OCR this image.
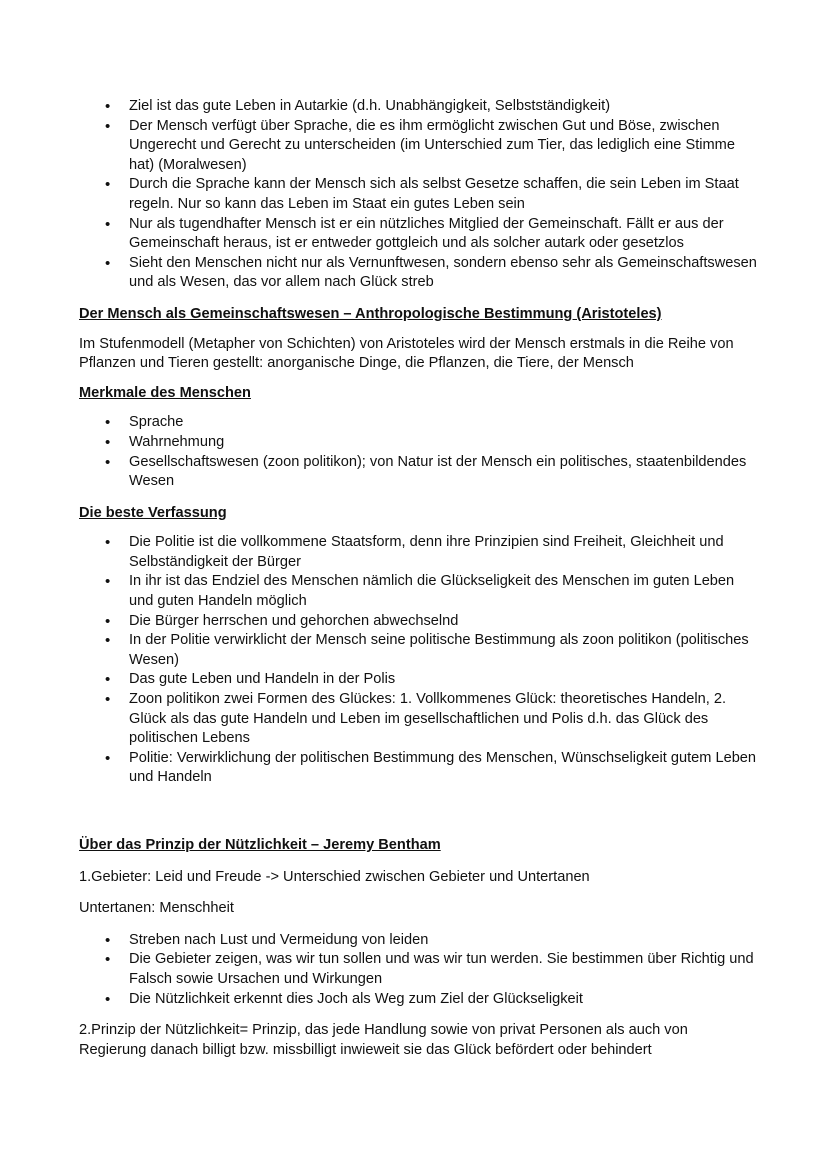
• Ziel ist das gute Leben in Autarkie (d.h. Unabhängigkeit, Selbstständigkeit)
• Der Mensch verfügt über Sprache, die es ihm ermöglicht zwischen Gut und Böse, zwischen Ungerecht und Gerecht zu unterscheiden (im Unterschied zum Tier, das lediglich eine Stimme hat) (Moralwesen)
• Durch die Sprache kann der Mensch sich als selbst Gesetze schaffen, die sein Leben im Staat regeln. Nur so kann das Leben im Staat ein gutes Leben sein
• Nur als tugendhafter Mensch ist er ein nützliches Mitglied der Gemeinschaft. Fällt er aus der Gemeinschaft heraus, ist er entweder gottgleich und als solcher autark oder gesetzlos
• Sieht den Menschen nicht nur als Vernunftwesen, sondern ebenso sehr als Gemeinschaftswesen und als Wesen, das vor allem nach Glück streb
Der Mensch als Gemeinschaftswesen – Anthropologische Bestimmung (Aristoteles)

Im Stufenmodell (Metapher von Schichten) von Aristoteles wird der Mensch erstmals in die Reihe von Pflanzen und Tieren gestellt: anorganische Dinge, die Pflanzen, die Tiere, der Mensch

Merkmale des Menschen
• Sprache
• Wahrnehmung
• Gesellschaftswesen (zoon politikon); von Natur ist der Mensch ein politisches, staatenbildendes Wesen
Die beste Verfassung
• Die Politie ist die vollkommene Staatsform, denn ihre Prinzipien sind Freiheit, Gleichheit und Selbständigkeit der Bürger
• In ihr ist das Endziel des Menschen nämlich die Glückseligkeit des Menschen im guten Leben und guten Handeln möglich
• Die Bürger herrschen und gehorchen abwechselnd
• In der Politie verwirklicht der Mensch seine politische Bestimmung als zoon politikon (politisches Wesen)
• Das gute Leben und Handeln in der Polis
• Zoon politikon zwei Formen des Glückes: 1. Vollkommenes Glück: theoretisches Handeln, 2. Glück als das gute Handeln und Leben im gesellschaftlichen und Polis d.h. das Glück des politischen Lebens
• Politie: Verwirklichung der politischen Bestimmung des Menschen, Wünschseligkeit gutem Leben und Handeln
Über das Prinzip der Nützlichkeit – Jeremy Bentham

1.Gebieter: Leid und Freude -> Unterschied zwischen Gebieter und Untertanen

Untertanen: Menschheit

• Streben nach Lust und Vermeidung von leiden
• Die Gebieter zeigen, was wir tun sollen und was wir tun werden. Sie bestimmen über Richtig und Falsch sowie Ursachen und Wirkungen
• Die Nützlichkeit erkennt dies Joch als Weg zum Ziel der Glückseligkeit

2.Prinzip der Nützlichkeit= Prinzip, das jede Handlung sowie von privat Personen als auch von Regierung danach billigt bzw. missbilligt inwieweit sie das Glück befördert oder behindert
